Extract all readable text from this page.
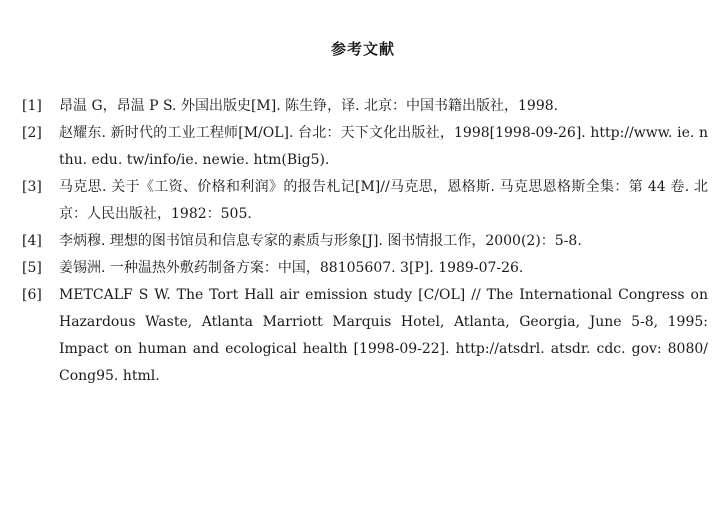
参考文献
[1]	昂温 G，昂温 P S. 外国出版史[M]. 陈生铮，译. 北京：中国书籍出版社，1998.
[2]	赵耀东. 新时代的工业工程师[M/OL]. 台北：天下文化出版社，1998[1998-09-26]. http://www. ie. nthu. edu. tw/info/ie. newie. htm(Big5).
[3]	马克思. 关于《工资、价格和利润》的报告札记[M]//马克思，恩格斯. 马克思恩格斯全集：第 44 卷. 北京：人民出版社，1982：505.
[4]	李炳穆. 理想的图书馆员和信息专家的素质与形象[J]. 图书情报工作，2000(2)：5-8.
[5]	姜锡洲. 一种温热外敷药制备方案：中国，88105607. 3[P]. 1989-07-26.
[6]	METCALF S W. The Tort Hall air emission study [C/OL] // The International Congress on Hazardous Waste, Atlanta Marriott Marquis Hotel, Atlanta, Georgia, June 5-8, 1995: Impact on human and ecological health [1998-09-22]. http://atsdrl. atsdr. cdc. gov: 8080/ Cong95. html.
